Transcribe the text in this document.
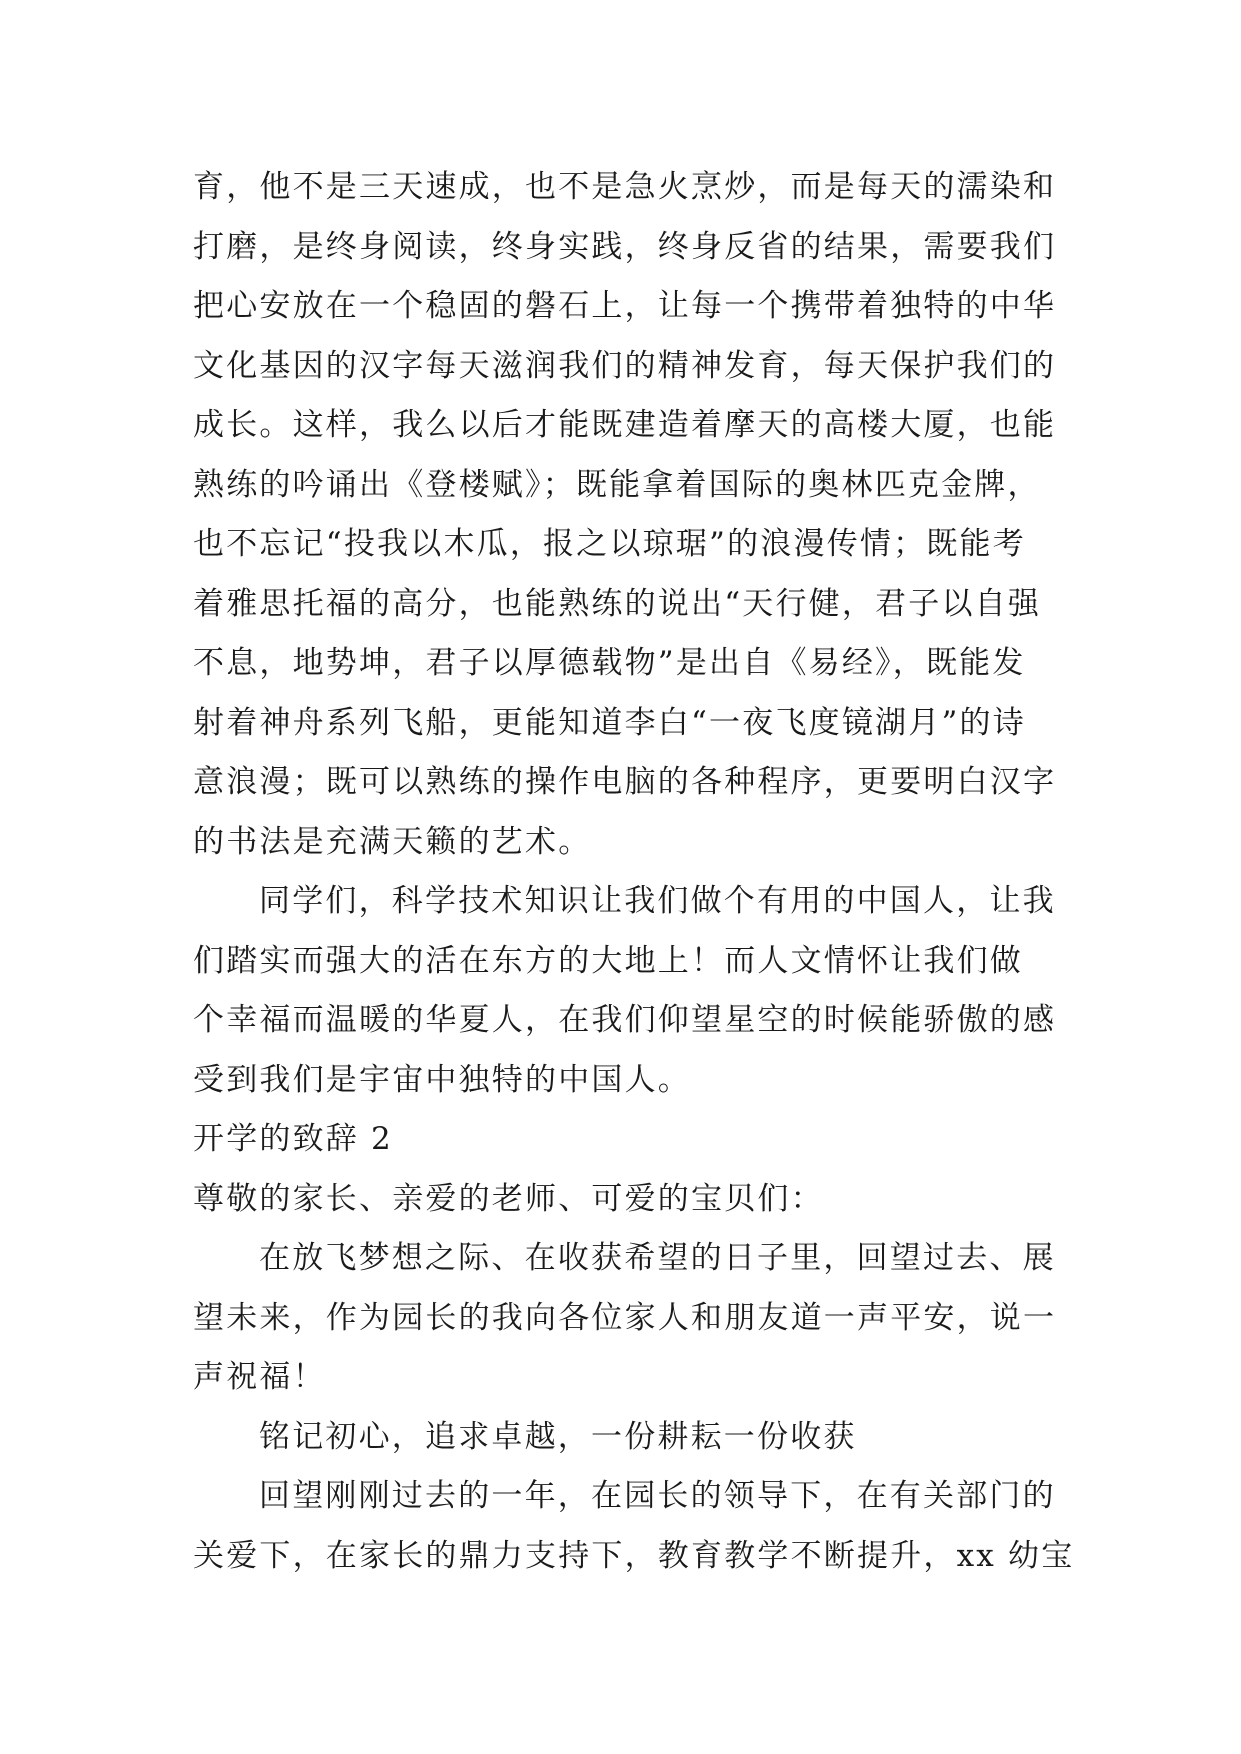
育，他不是三天速成，也不是急火烹炒，而是每天的濡染和
打磨，是终身阅读，终身实践，终身反省的结果，需要我们
把心安放在一个稳固的磐石上，让每一个携带着独特的中华
文化基因的汉字每天滋润我们的精神发育，每天保护我们的
成长。这样，我么以后才能既建造着摩天的高楼大厦，也能
熟练的吟诵出《登楼赋》；既能拿着国际的奥林匹克金牌，
也不忘记“投我以木瓜，报之以琼琚”的浪漫传情；既能考
着雅思托福的高分，也能熟练的说出“天行健，君子以自强
不息，地势坤，君子以厚德载物”是出自《易经》，既能发
射着神舟系列飞船，更能知道李白“一夜飞度镜湖月”的诗
意浪漫；既可以熟练的操作电脑的各种程序，更要明白汉字
的书法是充满天籁的艺术。
同学们，科学技术知识让我们做个有用的中国人，让我
们踏实而强大的活在东方的大地上！而人文情怀让我们做
个幸福而温暖的华夏人，在我们仰望星空的时候能骄傲的感
受到我们是宇宙中独特的中国人。
开学的致辞 2
尊敬的家长、亲爱的老师、可爱的宝贝们：
在放飞梦想之际、在收获希望的日子里，回望过去、展
望未来，作为园长的我向各位家人和朋友道一声平安，说一
声祝福！
铭记初心，追求卓越，一份耕耘一份收获
回望刚刚过去的一年，在园长的领导下，在有关部门的
关爱下，在家长的鼎力支持下，教育教学不断提升，xx 幼宝
